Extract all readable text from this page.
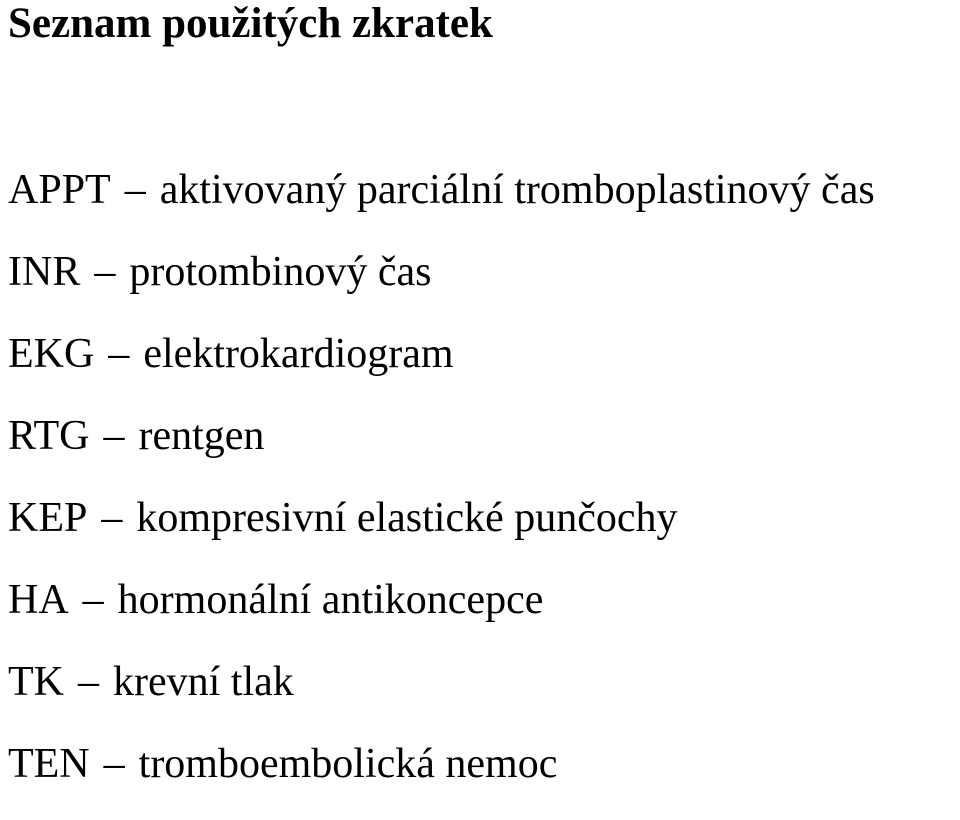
Seznam použitých zkratek
APPT – aktivovaný parciální tromboplastinový čas
INR – protombinový čas
EKG – elektrokardiogram
RTG – rentgen
KEP – kompresivní elastické punčochy
HA – hormonální antikoncepce
TK – krevní tlak
TEN – tromboembolická nemoc
